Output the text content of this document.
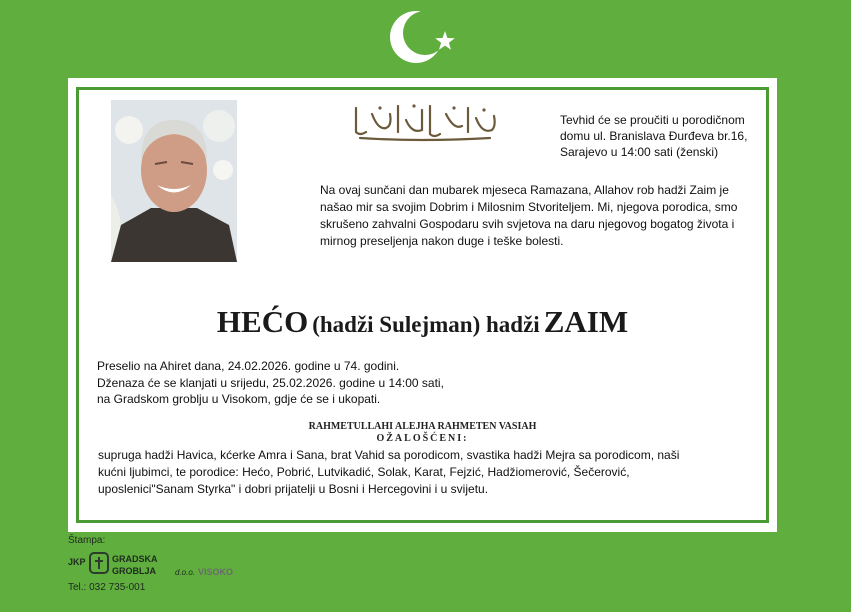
Tevhid će se proučiti u porodičnom
domu ul. Branislava Đurđeva br.16,
Sarajevo u 14:00 sati (ženski)
Na ovaj sunčani dan mubarek mjeseca Ramazana, Allahov rob hadži Zaim je
našao mir sa svojim Dobrim i Milosnim Stvoriteljem. Mi, njegova porodica, smo
skrušeno zahvalni Gospodaru svih svjetova na daru njegovog bogatog života i
mirnog preseljenja nakon duge i teške bolesti.
HEĆO (hadži Sulejman) hadži ZAIM
Preselio na Ahiret dana, 24.02.2026. godine u 74. godini.
Dženaza će se klanjati u srijedu, 25.02.2026. godine u 14:00 sati,
na Gradskom groblju u Visokom, gdje će se i ukopati.
RAHMETULLAHI ALEJHA RAHMETEN VASIAH
OŽALOŠĆENI:
supruga hadži Havica, kćerke Amra i Sana, brat Vahid sa porodicom, svastika hadži Mejra sa porodicom, naši
kućni ljubimci, te porodice: Hećo, Pobrić, Lutvikadić, Solak, Karat, Fejzić, Hadžiomerović, Šečerović,
uposlenici"Sanam Styrka" i dobri prijatelji u Bosni i Hercegovini i u svijetu.
Štampa:
JKP	GRADSKA
GROBLJA d.o.o. VISOKO
Tel.: 032 735-001
